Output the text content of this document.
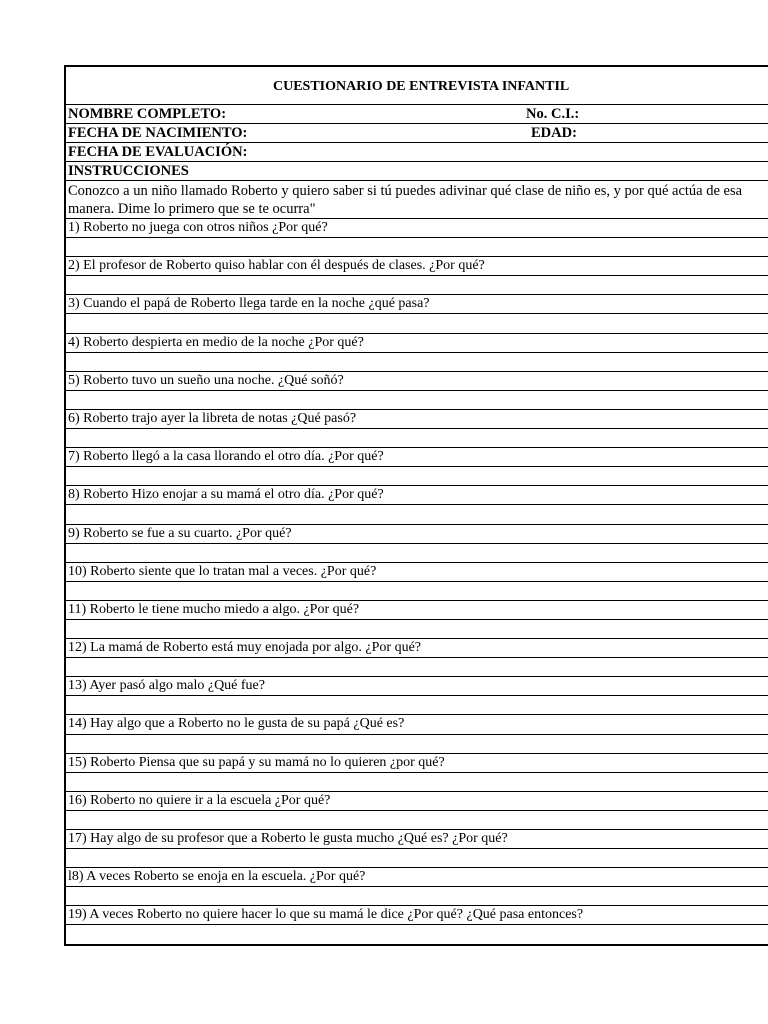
CUESTIONARIO DE ENTREVISTA INFANTIL
NOMBRE COMPLETO:	No. C.I.:
FECHA DE NACIMIENTO:	EDAD:
FECHA DE EVALUACIÓN:
INSTRUCCIONES
Conozco a un niño llamado Roberto y quiero saber si tú puedes adivinar qué clase de niño es, y por qué actúa de esa
manera. Dime lo primero que se te ocurra"
1) Roberto no juega con otros niños ¿Por qué?
2) El profesor de Roberto quiso hablar con él después de clases. ¿Por qué?
3) Cuando el papá de Roberto llega tarde en la noche ¿qué pasa?
4) Roberto despierta en medio de la noche ¿Por qué?
5) Roberto tuvo un sueño una noche. ¿Qué soñó?
6) Roberto trajo ayer la libreta de notas ¿Qué pasó?
7) Roberto llegó a la casa llorando el otro día. ¿Por qué?
8) Roberto Hizo enojar a su mamá el otro día. ¿Por qué?
9) Roberto se fue a su cuarto. ¿Por qué?
10) Roberto siente que lo tratan mal a veces. ¿Por qué?
11) Roberto le tiene mucho miedo a algo. ¿Por qué?
12) La mamá de Roberto está muy enojada por algo. ¿Por qué?
13) Ayer pasó algo malo ¿Qué fue?
14) Hay algo que a Roberto no le gusta de su papá ¿Qué es?
15) Roberto Piensa que su papá y su mamá no lo quieren ¿por qué?
16) Roberto no quiere ir a la escuela ¿Por qué?
17) Hay algo de su profesor que a Roberto le gusta mucho ¿Qué es? ¿Por qué?
l8) A veces Roberto se enoja en la escuela. ¿Por qué?
19) A veces Roberto no quiere hacer lo que su mamá le dice ¿Por qué? ¿Qué pasa entonces?
